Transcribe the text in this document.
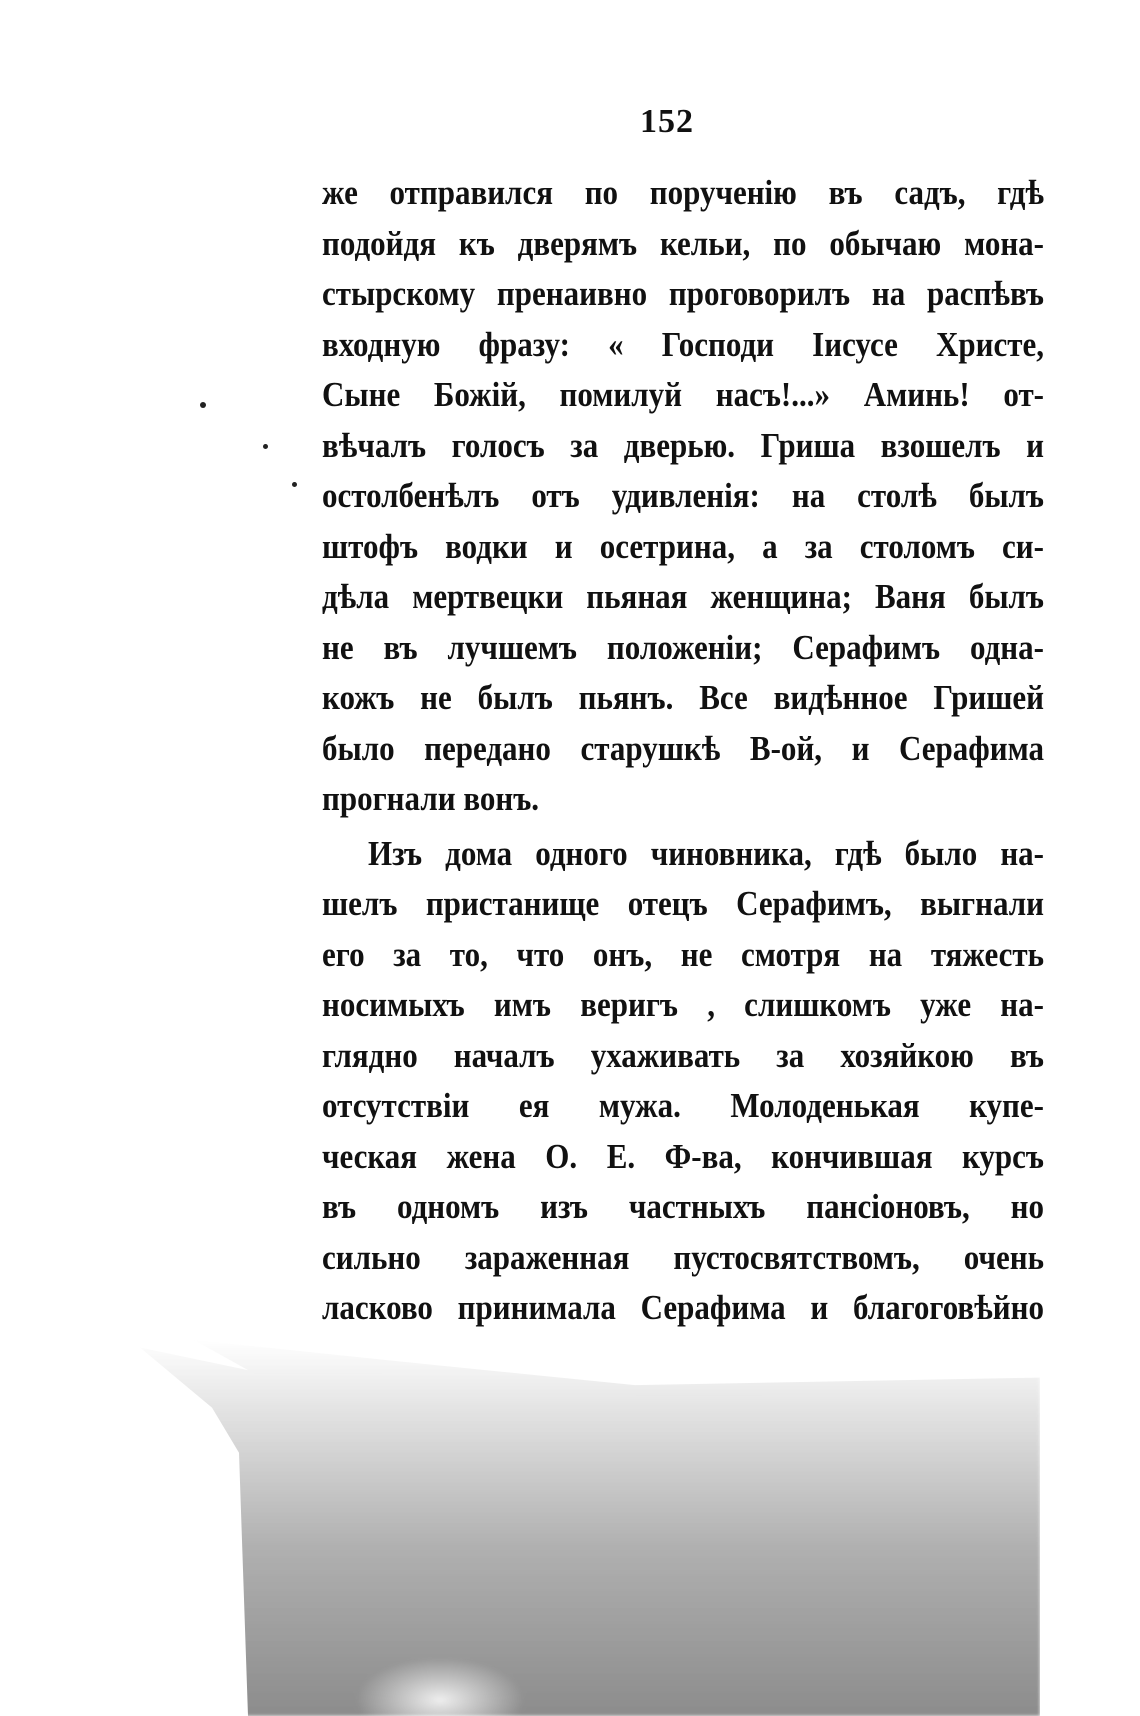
152
же отправился по порученію въ садъ, гдѣ
подойдя къ дверямъ кельи, по обычаю мона-
стырскому пренаивно проговорилъ на распѣвъ
входную фразу: « Господи Іисусе Христе,
Сыне Божій, помилуй насъ!...» Аминь! от-
вѣчалъ голосъ за дверью. Гриша взошелъ и
остолбенѣлъ отъ удивленія: на столѣ былъ
штофъ водки и осетрина, а за столомъ си-
дѣла мертвецки пьяная женщина; Ваня былъ
не въ лучшемъ положеніи; Серафимъ одна-
кожъ не былъ пьянъ. Все видѣнное Гришей
было передано старушкѣ В-ой, и Серафима
прогнали вонъ.
Изъ дома одного чиновника, гдѣ было на-
шелъ пристанище отецъ Серафимъ, выгнали
его за то, что онъ, не смотря на тяжесть
носимыхъ имъ веригъ , слишкомъ уже на-
глядно началъ ухаживать за хозяйкою въ
отсутствіи ея мужа. Молоденькая купе-
ческая жена О. Е. Ф-ва, кончившая курсъ
въ одномъ изъ частныхъ пансіоновъ, но
сильно зараженная пустосвятствомъ, очень
ласково принимала Серафима и благоговѣйно
